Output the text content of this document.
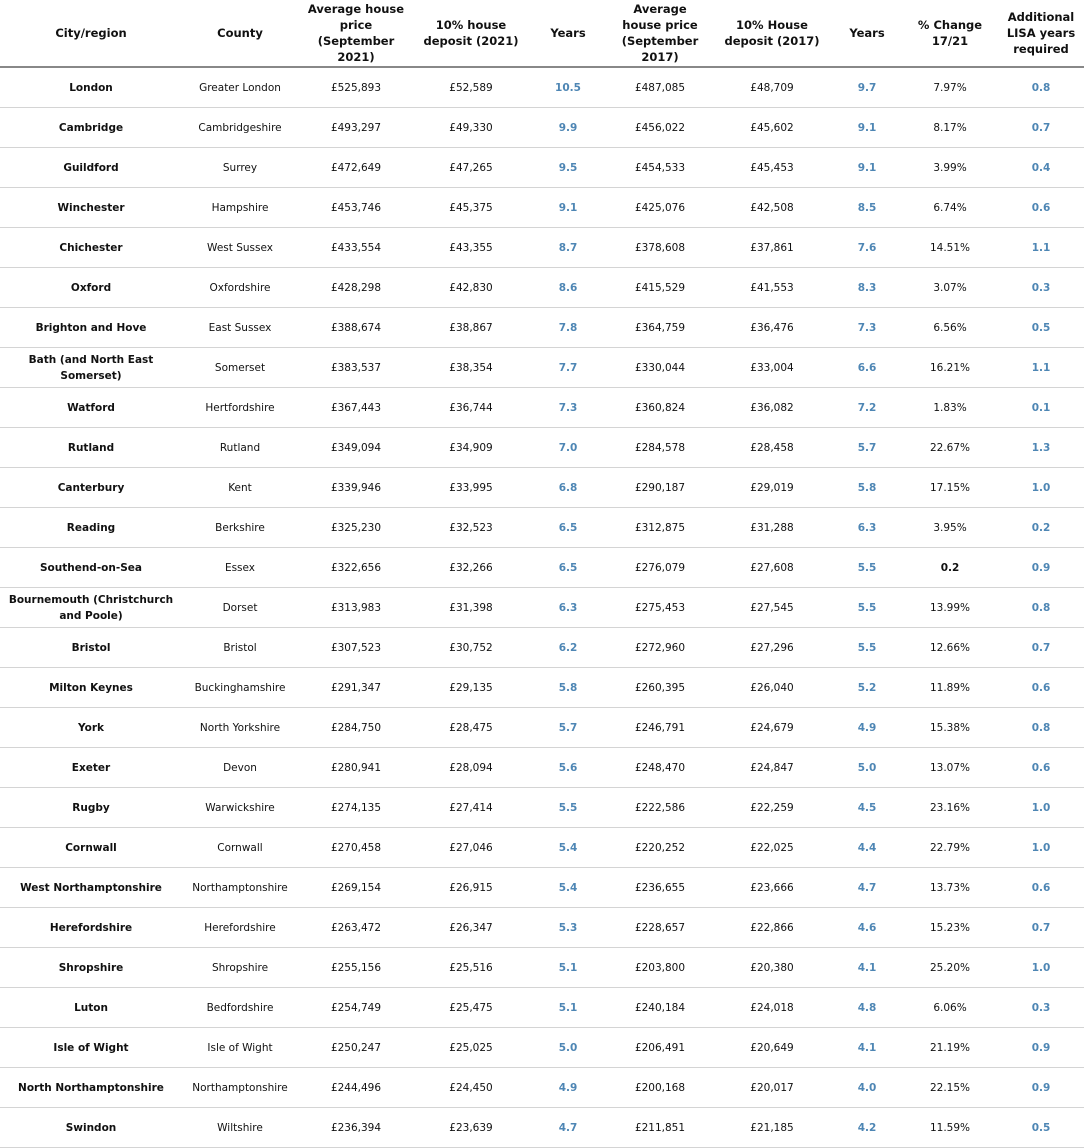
City/region	County	Average house price (September 2021)	10% house deposit (2021)	Years	Average house price (September 2017)	10% House deposit (2017)	Years	% Change 17/21	Additional LISA years required
London	Greater London	£525,893	£52,589	10.5	£487,085	£48,709	9.7	7.97%	0.8
Cambridge	Cambridgeshire	£493,297	£49,330	9.9	£456,022	£45,602	9.1	8.17%	0.7
Guildford	Surrey	£472,649	£47,265	9.5	£454,533	£45,453	9.1	3.99%	0.4
Winchester	Hampshire	£453,746	£45,375	9.1	£425,076	£42,508	8.5	6.74%	0.6
Chichester	West Sussex	£433,554	£43,355	8.7	£378,608	£37,861	7.6	14.51%	1.1
Oxford	Oxfordshire	£428,298	£42,830	8.6	£415,529	£41,553	8.3	3.07%	0.3
Brighton and Hove	East Sussex	£388,674	£38,867	7.8	£364,759	£36,476	7.3	6.56%	0.5
Bath (and North East Somerset)	Somerset	£383,537	£38,354	7.7	£330,044	£33,004	6.6	16.21%	1.1
Watford	Hertfordshire	£367,443	£36,744	7.3	£360,824	£36,082	7.2	1.83%	0.1
Rutland	Rutland	£349,094	£34,909	7.0	£284,578	£28,458	5.7	22.67%	1.3
Canterbury	Kent	£339,946	£33,995	6.8	£290,187	£29,019	5.8	17.15%	1.0
Reading	Berkshire	£325,230	£32,523	6.5	£312,875	£31,288	6.3	3.95%	0.2
Southend-on-Sea	Essex	£322,656	£32,266	6.5	£276,079	£27,608	5.5	0.2	0.9
Bournemouth (Christchurch and Poole)	Dorset	£313,983	£31,398	6.3	£275,453	£27,545	5.5	13.99%	0.8
Bristol	Bristol	£307,523	£30,752	6.2	£272,960	£27,296	5.5	12.66%	0.7
Milton Keynes	Buckinghamshire	£291,347	£29,135	5.8	£260,395	£26,040	5.2	11.89%	0.6
York	North Yorkshire	£284,750	£28,475	5.7	£246,791	£24,679	4.9	15.38%	0.8
Exeter	Devon	£280,941	£28,094	5.6	£248,470	£24,847	5.0	13.07%	0.6
Rugby	Warwickshire	£274,135	£27,414	5.5	£222,586	£22,259	4.5	23.16%	1.0
Cornwall	Cornwall	£270,458	£27,046	5.4	£220,252	£22,025	4.4	22.79%	1.0
West Northamptonshire	Northamptonshire	£269,154	£26,915	5.4	£236,655	£23,666	4.7	13.73%	0.6
Herefordshire	Herefordshire	£263,472	£26,347	5.3	£228,657	£22,866	4.6	15.23%	0.7
Shropshire	Shropshire	£255,156	£25,516	5.1	£203,800	£20,380	4.1	25.20%	1.0
Luton	Bedfordshire	£254,749	£25,475	5.1	£240,184	£24,018	4.8	6.06%	0.3
Isle of Wight	Isle of Wight	£250,247	£25,025	5.0	£206,491	£20,649	4.1	21.19%	0.9
North Northamptonshire	Northamptonshire	£244,496	£24,450	4.9	£200,168	£20,017	4.0	22.15%	0.9
Swindon	Wiltshire	£236,394	£23,639	4.7	£211,851	£21,185	4.2	11.59%	0.5
